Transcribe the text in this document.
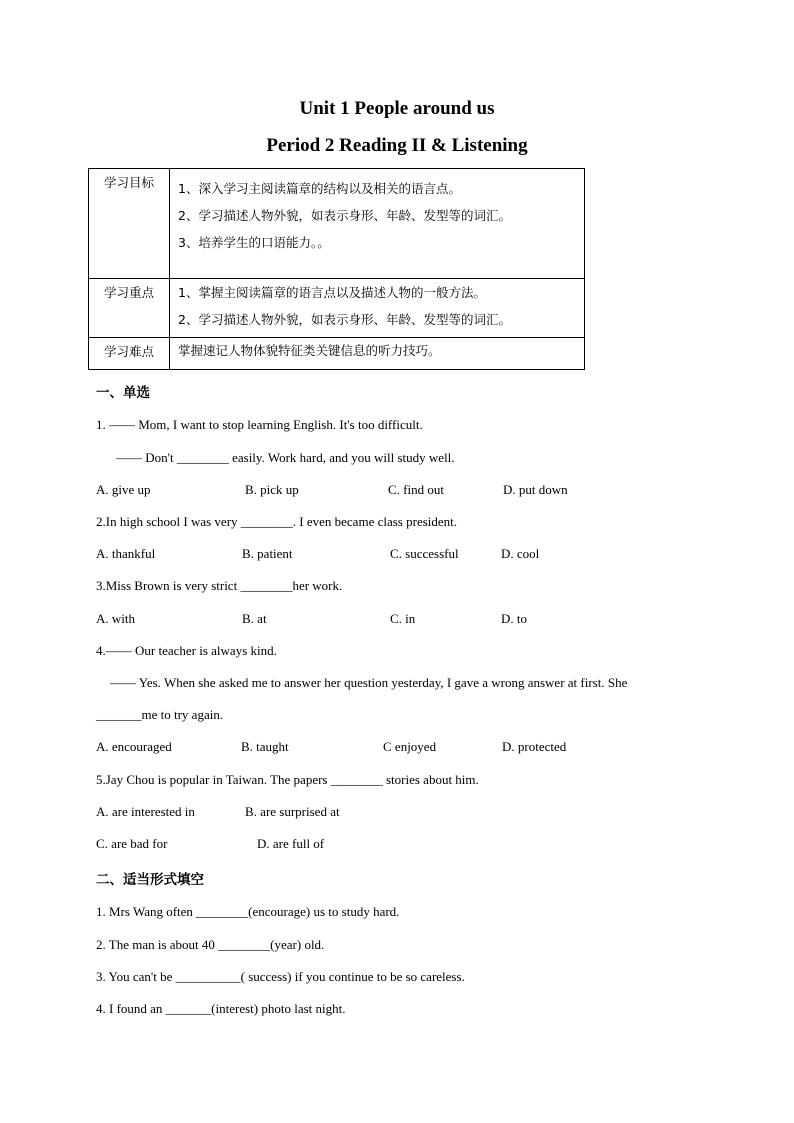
Unit 1 People around us
Period 2 Reading II & Listening
学习目标	1、深入学习主阅读篇章的结构以及相关的语言点。
2、学习描述人物外貌，如表示身形、年龄、发型等的词汇。
3、培养学生的口语能力。。

学习重点	1、掌握主阅读篇章的语言点以及描述人物的一般方法。
2、学习描述人物外貌，如表示身形、年龄、发型等的词汇。

学习难点	掌握速记人物体貌特征类关键信息的听力技巧。
一、单选
1. —— Mom, I want to stop learning English. It's too difficult.
—— Don't ________ easily. Work hard, and you will study well.
A. give up	B. pick up	C. find out	D. put down
2.In high school I was very ________. I even became class president.
A. thankful	B. patient	C. successful	D. cool
3.Miss Brown is very strict ________her work.
A. with	B. at	C. in	D. to
4.—— Our teacher is always kind.
—— Yes. When she asked me to answer her question yesterday, I gave a wrong answer at first. She
_______me to try again.
A. encouraged	B. taught	C enjoyed	D. protected
5.Jay Chou is popular in Taiwan. The papers ________ stories about him.
A. are interested in	B. are surprised at
C. are bad for	D. are full of
二、适当形式填空
1. Mrs Wang often ________(encourage) us to study hard.
2. The man is about 40 ________(year) old.
3. You can't be __________( success) if you continue to be so careless.
4. I found an _______(interest) photo last night.
